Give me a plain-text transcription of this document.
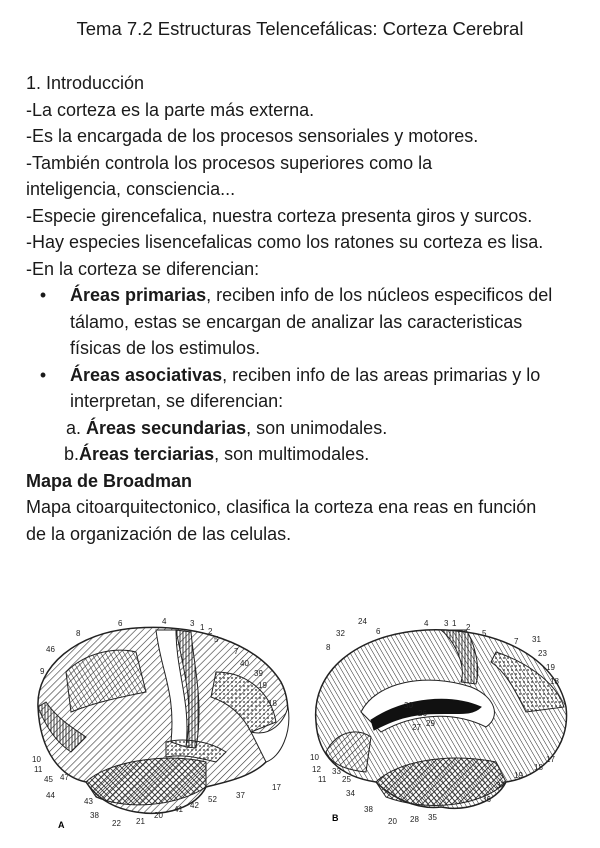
Tema 7.2 Estructuras Telencefálicas: Corteza Cerebral
1. Introducción
-La corteza es la parte más externa.
-Es la encargada de los procesos sensoriales y motores.
-También controla los procesos superiores como la inteligencia, consciencia...
-Especie girencefalica, nuestra corteza presenta giros y surcos.
-Hay especies lisencefalicas como los ratones su corteza es lisa.
-En la corteza se diferencian:
• Áreas primarias, reciben info de los núcleos especificos del tálamo, estas se encargan de analizar las caracteristicas físicas de los estimulos.
• Áreas asociativas, reciben info de las areas primarias y lo interpretan, se diferencian:
a. Áreas secundarias, son unimodales.
b.Áreas terciarias, son multimodales.
Mapa de Broadman
Mapa citoarquitectonico, clasifica la corteza ena reas en función de la organización de las celulas.
A
B
6	4	3 1 2
5
8
46
9
7
40
39
19
18
10
11
45 47
44
43
38
22 21
20
41 42
52 37
17
24
32
8
6
4 3 1 2
5
7 31
23
19
18
30
26
29
27
10
12
11
33
25
34
38
20 28 35
36
37
19
18
17
